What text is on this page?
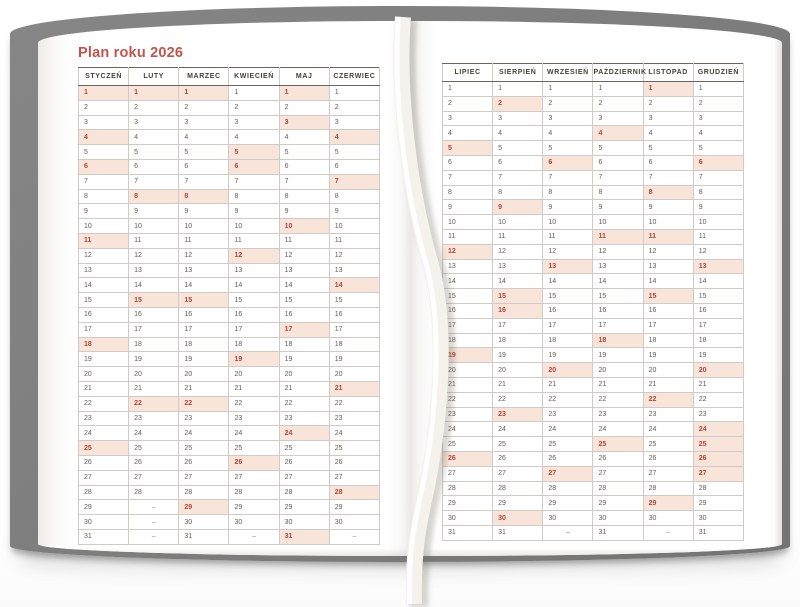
Plan roku 2026
STYCZEŃ	LUTY	MARZEC	KWIECIEŃ	MAJ	CZERWIEC
1	1	1	1	1	1
2	2	2	2	2	2
3	3	3	3	3	3
4	4	4	4	4	4
5	5	5	5	5	5
6	6	6	6	6	6
7	7	7	7	7	7
8	8	8	8	8	8
9	9	9	9	9	9
10	10	10	10	10	10
11	11	11	11	11	11
12	12	12	12	12	12
13	13	13	13	13	13
14	14	14	14	14	14
15	15	15	15	15	15
16	16	16	16	16	16
17	17	17	17	17	17
18	18	18	18	18	18
19	19	19	19	19	19
20	20	20	20	20	20
21	21	21	21	21	21
22	22	22	22	22	22
23	23	23	23	23	23
24	24	24	24	24	24
25	25	25	25	25	25
26	26	26	26	26	26
27	27	27	27	27	27
28	28	28	28	28	28
29	–	29	29	29	29
30	–	30	30	30	30
31	–	31	–	31	–
LIPIEC	SIERPIEŃ	WRZESIEŃ	PAŹDZIERNIK	LISTOPAD	GRUDZIEŃ
1	1	1	1	1	1
2	2	2	2	2	2
3	3	3	3	3	3
4	4	4	4	4	4
5	5	5	5	5	5
6	6	6	6	6	6
7	7	7	7	7	7
8	8	8	8	8	8
9	9	9	9	9	9
10	10	10	10	10	10
11	11	11	11	11	11
12	12	12	12	12	12
13	13	13	13	13	13
14	14	14	14	14	14
15	15	15	15	15	15
16	16	16	16	16	16
17	17	17	17	17	17
18	18	18	18	18	18
19	19	19	19	19	19
20	20	20	20	20	20
21	21	21	21	21	21
22	22	22	22	22	22
23	23	23	23	23	23
24	24	24	24	24	24
25	25	25	25	25	25
26	26	26	26	26	26
27	27	27	27	27	27
28	28	28	28	28	28
29	29	29	29	29	29
30	30	30	30	30	30
31	31	–	31	–	31
